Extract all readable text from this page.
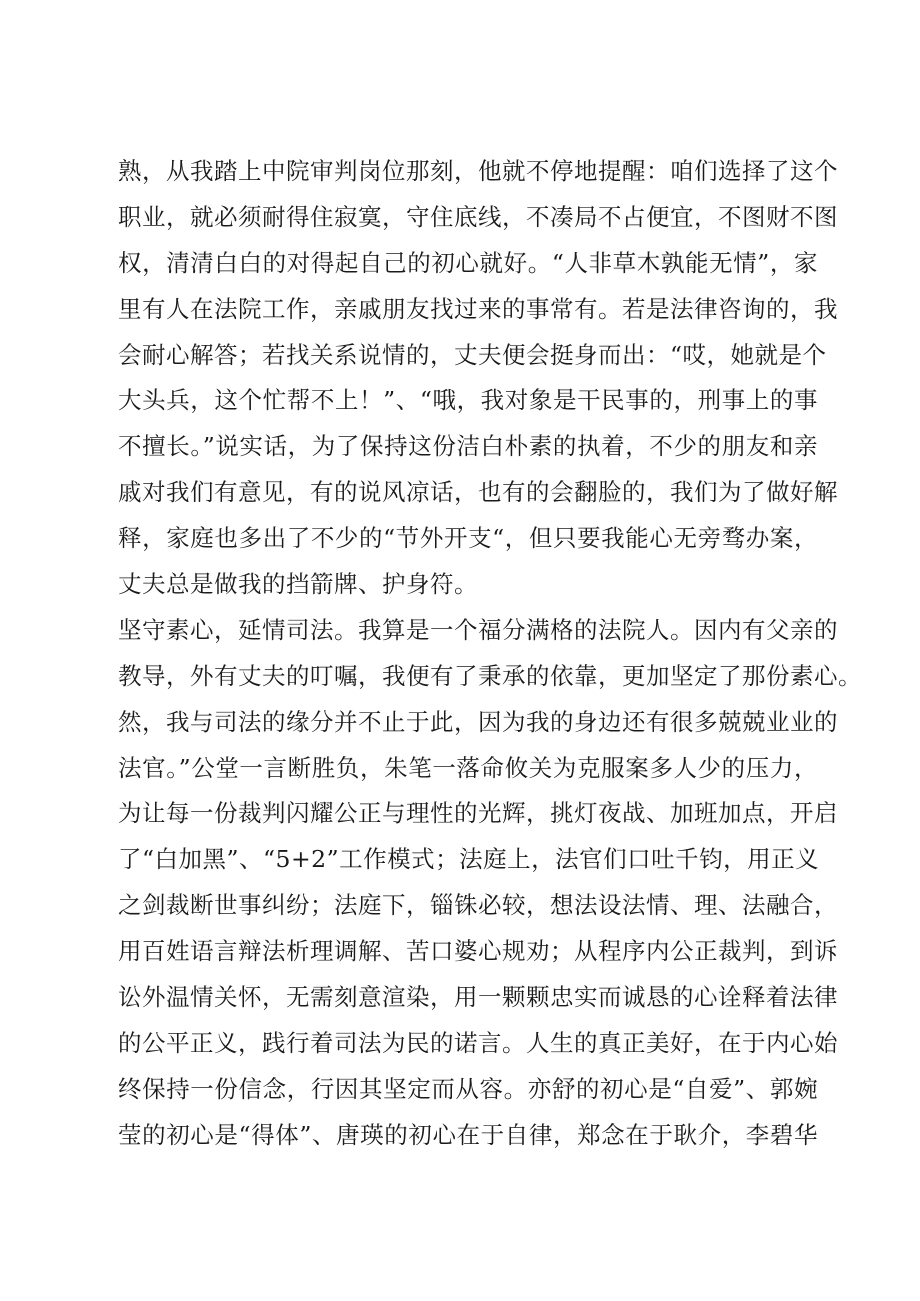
熟，从我踏上中院审判岗位那刻，他就不停地提醒：咱们选择了这个
职业，就必须耐得住寂寞，守住底线，不凑局不占便宜，不图财不图
权，清清白白的对得起自己的初心就好。“人非草木孰能无情”，家
里有人在法院工作，亲戚朋友找过来的事常有。若是法律咨询的，我
会耐心解答；若找关系说情的，丈夫便会挺身而出：“哎，她就是个
大头兵，这个忙帮不上！”、“哦，我对象是干民事的，刑事上的事
不擅长。”说实话，为了保持这份洁白朴素的执着，不少的朋友和亲
戚对我们有意见，有的说风凉话，也有的会翻脸的，我们为了做好解
释，家庭也多出了不少的“节外开支“，但只要我能心无旁骛办案，
丈夫总是做我的挡箭牌、护身符。
坚守素心，延情司法。我算是一个福分满格的法院人。因内有父亲的
教导，外有丈夫的叮嘱，我便有了秉承的依靠，更加坚定了那份素心。
然，我与司法的缘分并不止于此，因为我的身边还有很多兢兢业业的
法官。”公堂一言断胜负，朱笔一落命攸关为克服案多人少的压力，
为让每一份裁判闪耀公正与理性的光辉，挑灯夜战、加班加点，开启
了“白加黑”、“5+2”工作模式；法庭上，法官们口吐千钧，用正义
之剑裁断世事纠纷；法庭下，锱铢必较，想法设法情、理、法融合，
用百姓语言辩法析理调解、苦口婆心规劝；从程序内公正裁判，到诉
讼外温情关怀，无需刻意渲染，用一颗颗忠实而诚恳的心诠释着法律
的公平正义，践行着司法为民的诺言。人生的真正美好，在于内心始
终保持一份信念，行因其坚定而从容。亦舒的初心是“自爱”、郭婉
莹的初心是“得体”、唐瑛的初心在于自律，郑念在于耿介，李碧华
